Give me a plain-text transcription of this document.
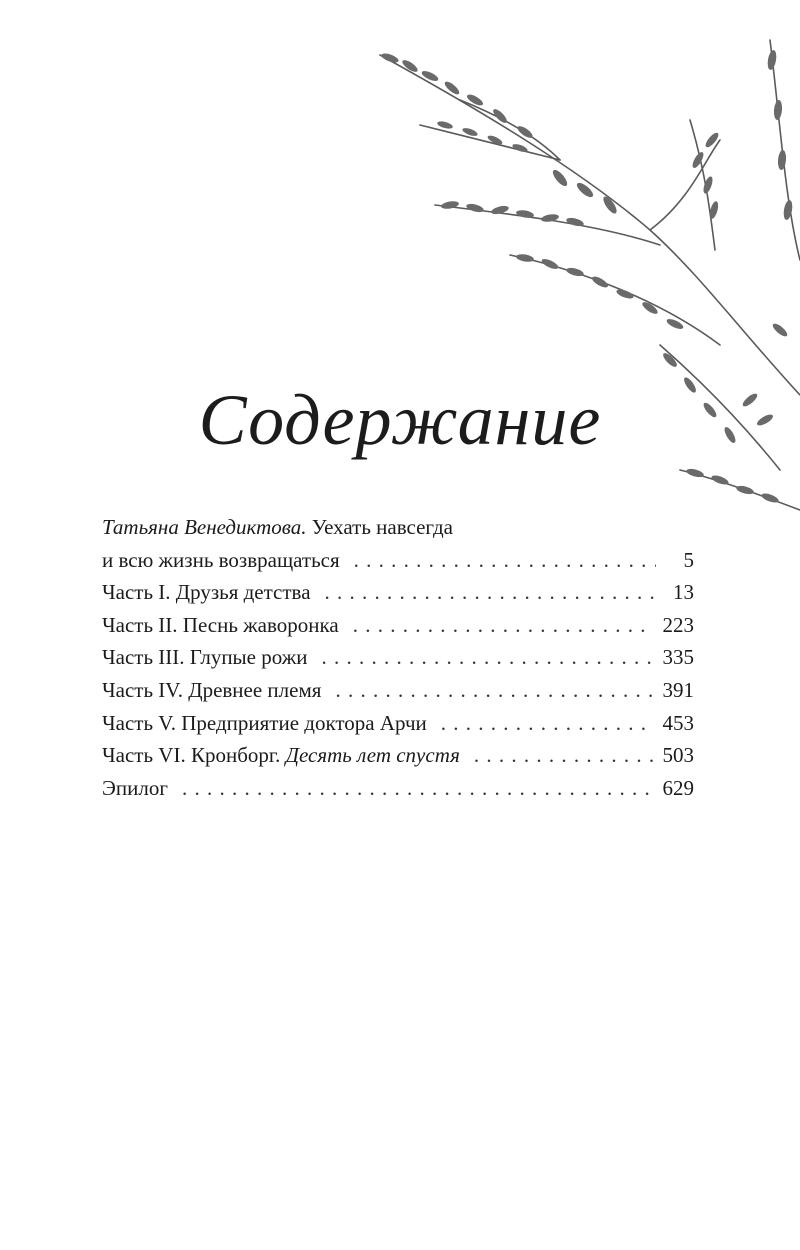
Содержание
Татьяна Венедиктова. Уехать навсегда
и всю жизнь возвращаться . . .	5
Часть I. Друзья детства . . .	13
Часть II. Песнь жаворонка . . .	223
Часть III. Глупые рожи . . .	335
Часть IV. Древнее племя . . .	391
Часть V. Предприятие доктора Арчи . . .	453
Часть VI. Кронборг. Десять лет спустя . . .	503
Эпилог . . .	629
